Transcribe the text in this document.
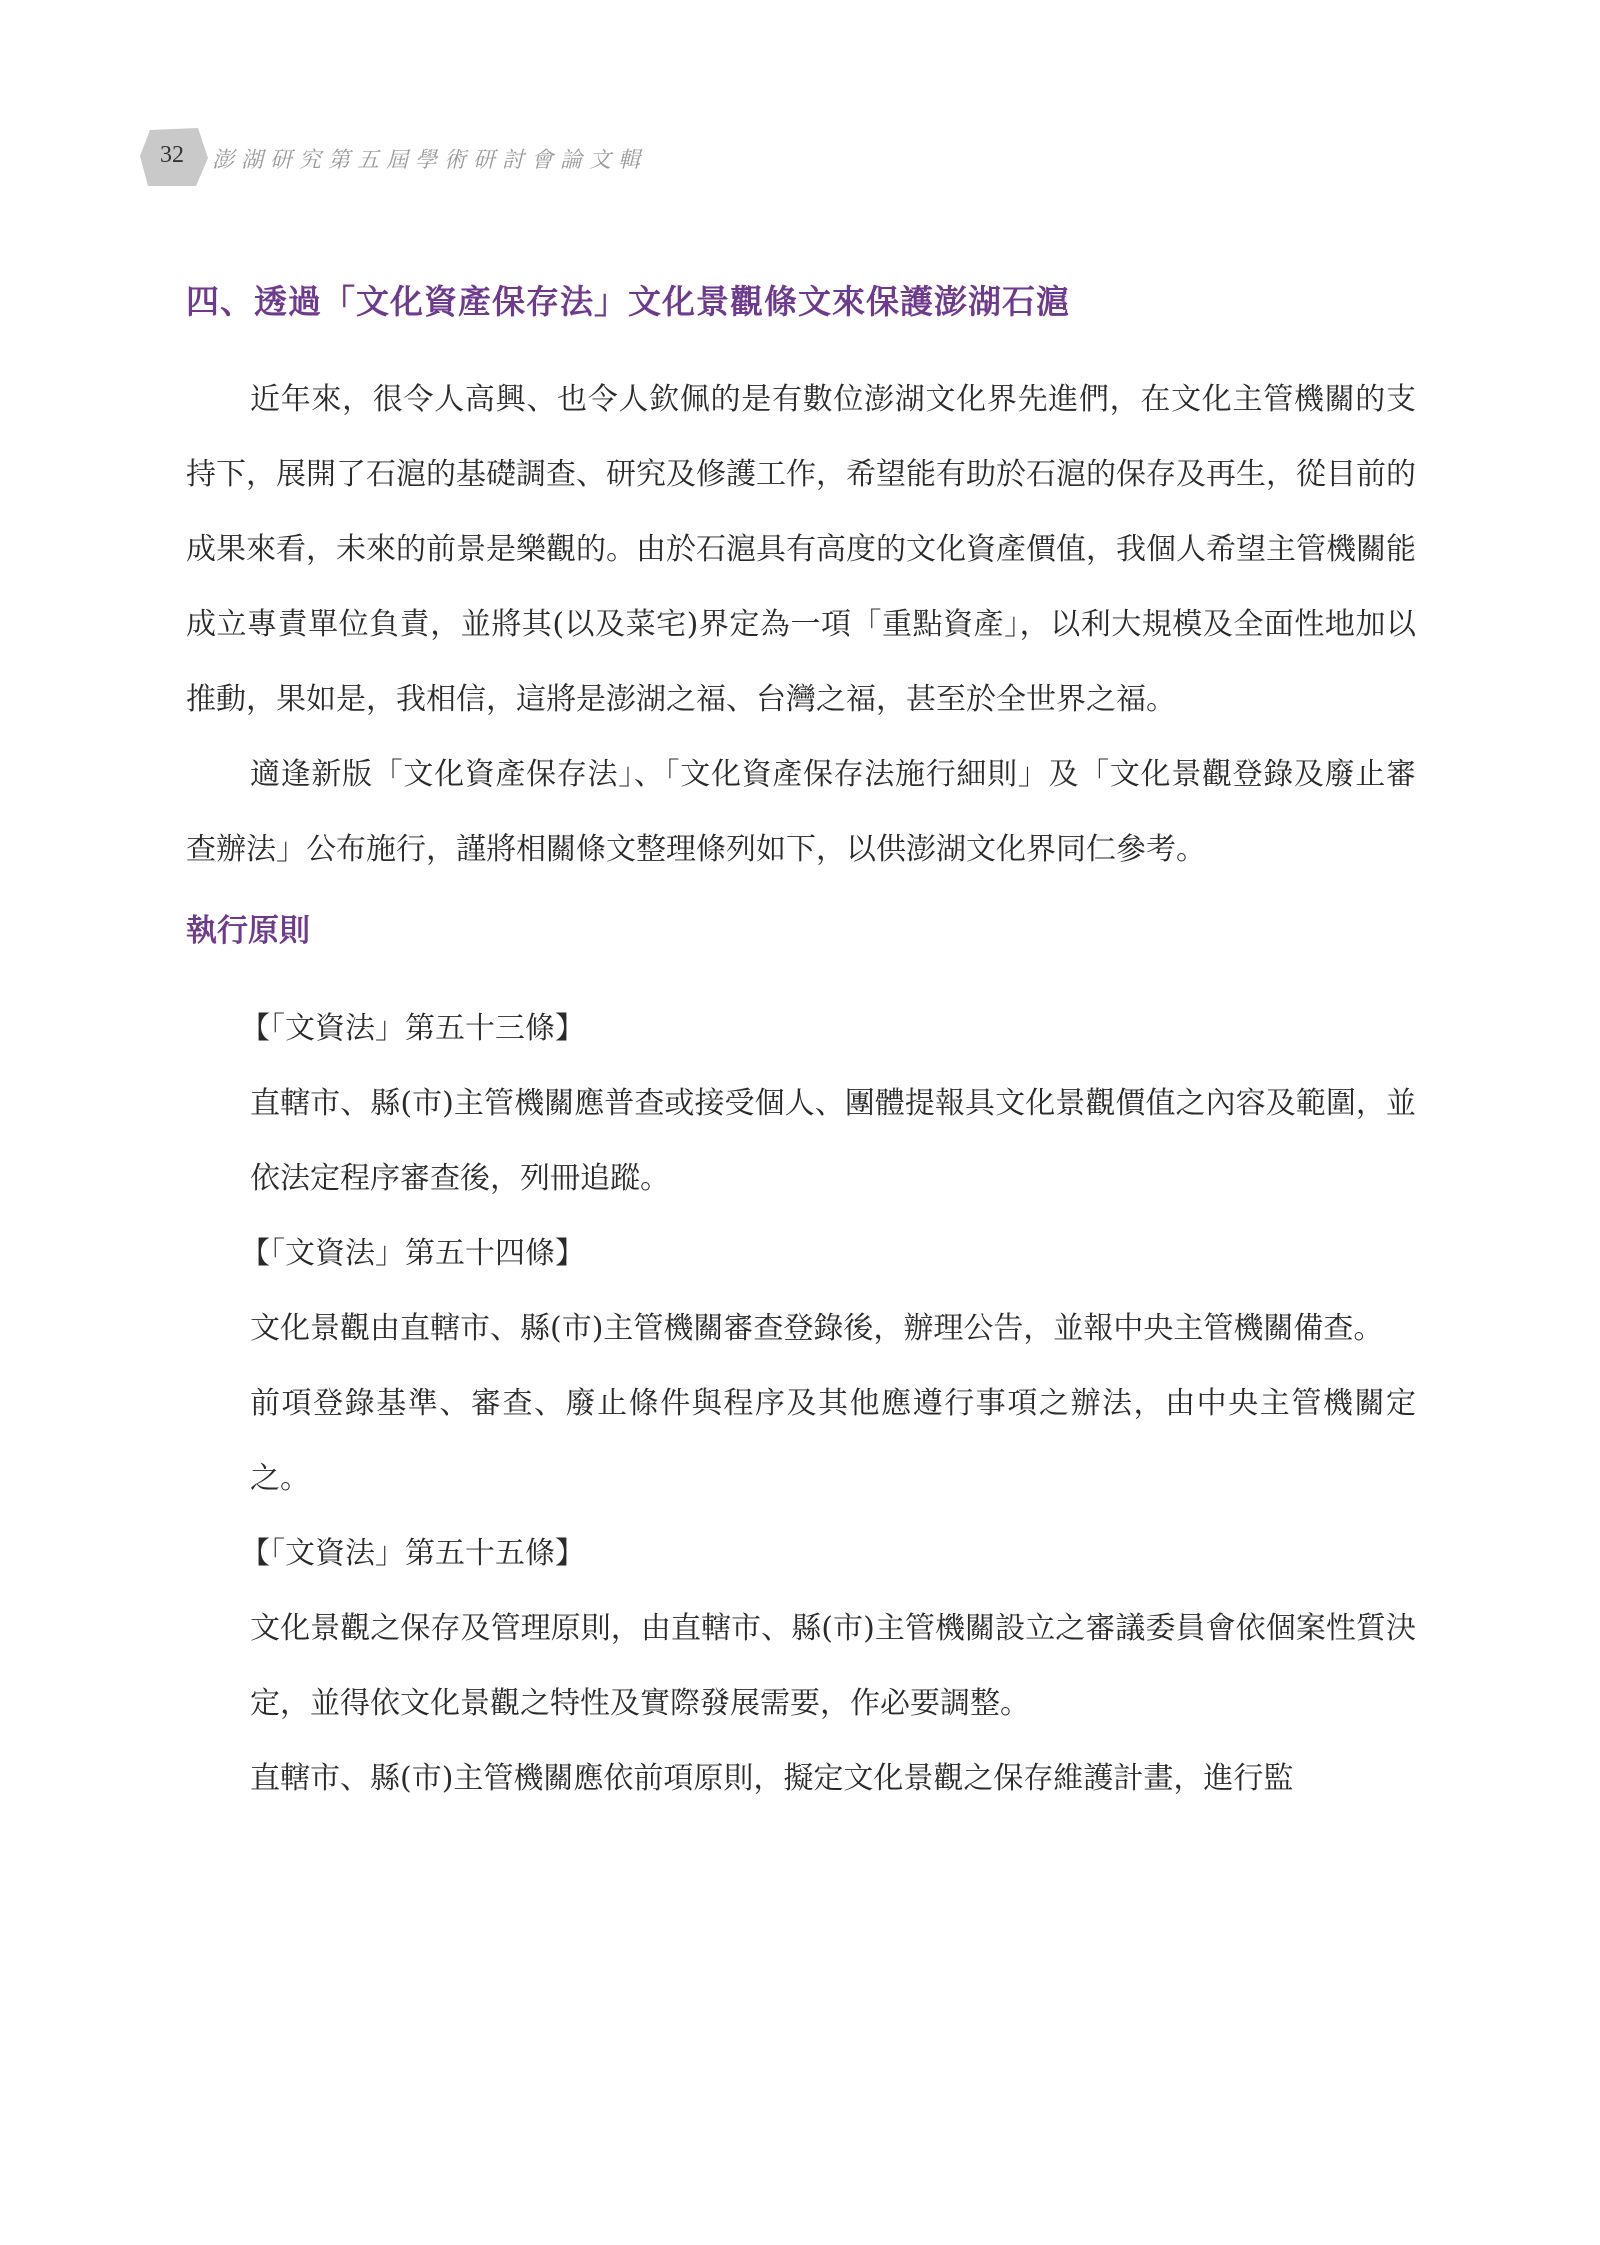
32	澎湖研究第五屆學術研討會論文輯
四、透過「文化資產保存法」文化景觀條文來保護澎湖石滬

近年來，很令人高興、也令人欽佩的是有數位澎湖文化界先進們，在文化主管機關的支持下，展開了石滬的基礎調查、研究及修護工作，希望能有助於石滬的保存及再生，從目前的成果來看，未來的前景是樂觀的。由於石滬具有高度的文化資產價值，我個人希望主管機關能成立專責單位負責，並將其(以及菜宅)界定為一項「重點資產」，以利大規模及全面性地加以推動，果如是，我相信，這將是澎湖之福、台灣之福，甚至於全世界之福。

適逢新版「文化資產保存法」、「文化資產保存法施行細則」及「文化景觀登錄及廢止審查辦法」公布施行，謹將相關條文整理條列如下，以供澎湖文化界同仁參考。

執行原則
【「文資法」第五十三條】

直轄市、縣(市)主管機關應普查或接受個人、團體提報具文化景觀價值之內容及範圍，並依法定程序審查後，列冊追蹤。

【「文資法」第五十四條】

文化景觀由直轄市、縣(市)主管機關審查登錄後，辦理公告，並報中央主管機關備查。

前項登錄基準、審查、廢止條件與程序及其他應遵行事項之辦法，由中央主管機關定之。

【「文資法」第五十五條】

文化景觀之保存及管理原則，由直轄市、縣(市)主管機關設立之審議委員會依個案性質決定，並得依文化景觀之特性及實際發展需要，作必要調整。

直轄市、縣(市)主管機關應依前項原則，擬定文化景觀之保存維護計畫，進行監
